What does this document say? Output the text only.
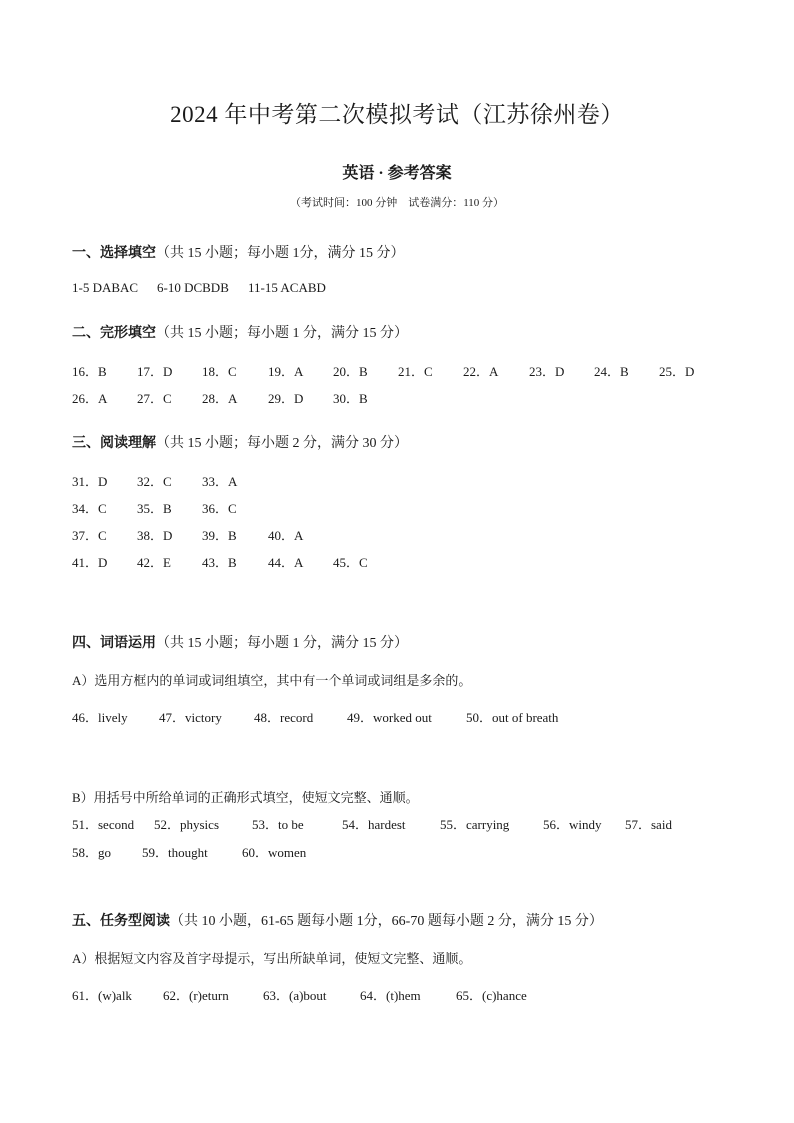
2024 年中考第二次模拟考试（江苏徐州卷）
英语 · 参考答案
（考试时间：100 分钟　试卷满分：110 分）
一、选择填空（共 15 小题；每小题 1分，满分 15 分）
1-5 DABAC 6-10 DCBDB 11-15 ACABD
二、完形填空（共 15 小题；每小题 1 分，满分 15 分）
16．B 17．D 18．C 19．A 20．B 21．C 22．A 23．D 24．B 25．D
26．A 27．C 28．A 29．D 30．B
三、阅读理解（共 15 小题；每小题 2 分，满分 30 分）
31．D 32．C 33．A
34．C 35．B 36．C
37．C 38．D 39．B 40．A
41．D 42．E 43．B 44．A 45．C
四、词语运用（共 15 小题；每小题 1 分，满分 15 分）
A）选用方框内的单词或词组填空，其中有一个单词或词组是多余的。
46．lively 47．victory 48．record	49．worked out	50．out of breath
B）用括号中所给单词的正确形式填空，使短文完整、通顺。
51．second 52．physics	53．to be	54．hardest	55．carrying	56．windy 57．said
58．go 59．thought	60．women
五、任务型阅读（共 10 小题，61-65 题每小题 1分，66-70 题每小题 2 分，满分 15 分）
A）根据短文内容及首字母提示，写出所缺单词，使短文完整、通顺。
61．(w)alk 62．(r)eturn	63．(a)bout	64．(t)hem	65．(c)hance
